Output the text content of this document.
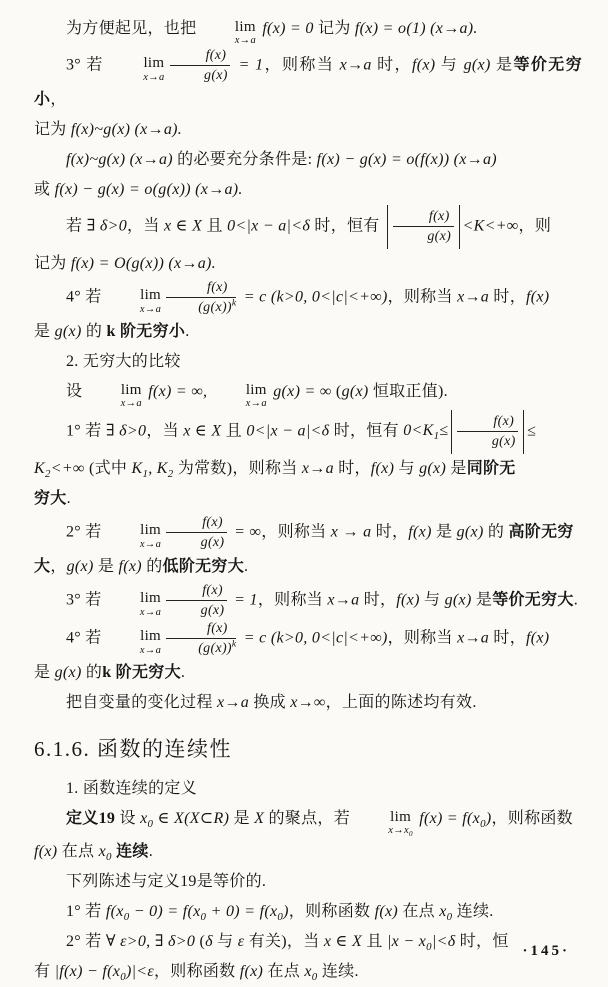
为方便起见，也把	lim
x→a
f(x) = 0 记为 f(x) = o(1) (x→a).
3° 若	lim
$x\to a \frac{f(x)}{g(x)} = 1$，则称当 x→a 时，f(x) 与 g(x) 是等价无穷小，
记为 f(x)~g(x) (x→a).
f(x)~g(x) (x→a) 的必要充分条件是: f(x) − g(x) = o(f(x)) (x→a)
或 f(x) − g(x) = o(g(x)) (x→a).
若 ∃ δ>0，当 x ∈ X 且 0<|x − a|<δ 时，恒有 $\frac{f(x)}{g(x)} <K<+\infty$，则
记为 f(x) = O(g(x)) (x→a).
4° 若	lim
$x\to a \frac{f(x)}{(g(x))^k} = c$ (k>0, 0<|c|<+∞)，则称当 x→a 时，f(x)
是 g(x) 的 k 阶无穷小.
2. 无穷大的比较
设	lim
x→a
f(x) = ∞,	lim
x→a
g(x) = ∞ (g(x) 恒取正值).
1° 若 ∃ δ>0，当 x ∈ X 且 0<|x − a|<δ 时，恒有 $0<K_1\le \frac{f(x)}{g(x)}$ ≤
$K_2<+\infty$ (式中 $K_1$, $K_2$ 为常数)，则称当 x→a 时，f(x) 与 g(x) 是同阶无
穷大.
2° 若	lim
$x\to a \frac{f(x)}{g(x)}$ = ∞，则称当 x → a 时，f(x) 是 g(x) 的 高阶无穷
大，g(x) 是 f(x) 的低阶无穷大.
3° 若	lim
$x\to a \frac{f(x)}{g(x)} = 1$，则称当 x→a 时，f(x) 与 g(x) 是等价无穷大.
4° 若	lim
$x\to a \frac{f(x)}{(g(x))^k} = c$ (k>0, 0<|c|<+∞)，则称当 x→a 时，f(x)
是 g(x) 的k 阶无穷大.
把自变量的变化过程 x→a 换成 x→∞，上面的陈述均有效.
6.1.6. 函数的连续性
1. 函数连续的定义
定义19 设 $x_0$ ∈ X(X⊂R) 是 X 的聚点，若	lim
$x\to x_0$
$f(x) = f(x_0)$，则称函数
f(x) 在点 $x_0$ 连续.
下列陈述与定义19是等价的.
1° 若 $f(x_0 - 0) = f(x_0 + 0) = f(x_0)$，则称函数 f(x) 在点 $x_0$ 连续.
2° 若 ∀ ε>0, ∃ δ>0 (δ 与 ε 有关)，当 x ∈ X 且 $|x - x_0|<\delta$ 时，恒
有 $|f(x) - f(x_0)|<\varepsilon$，则称函数 f(x) 在点 $x_0$ 连续.
·145·
